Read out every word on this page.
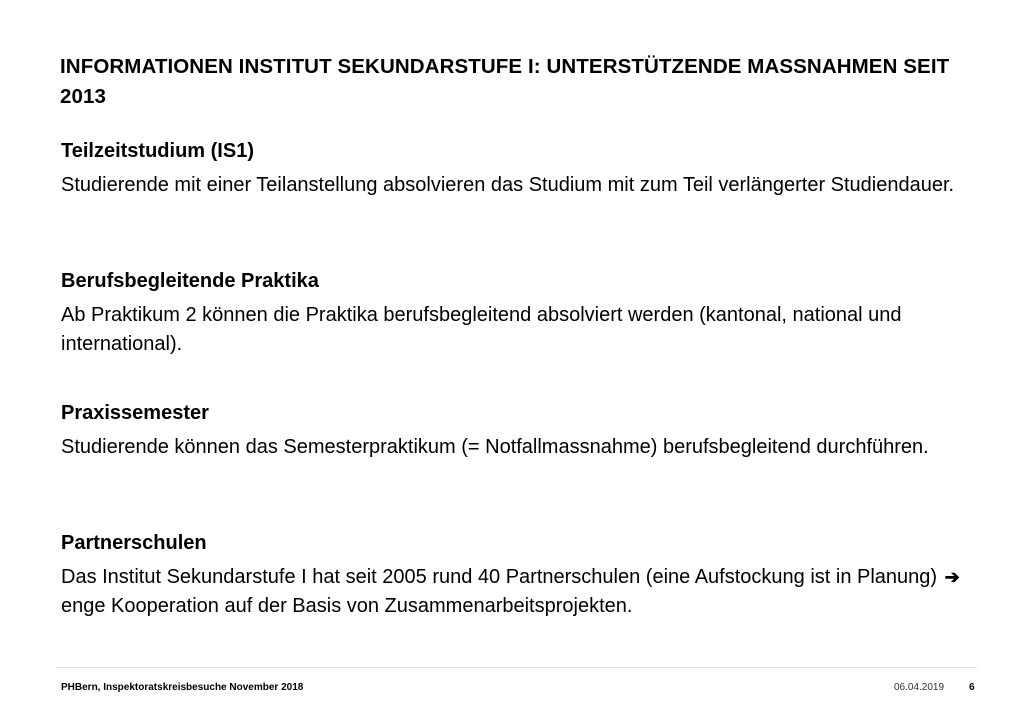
INFORMATIONEN INSTITUT SEKUNDARSTUFE I: UNTERSTÜTZENDE MASSNAHMEN SEIT 2013

Teilzeitstudium (IS1)

Studierende mit einer Teilanstellung absolvieren das Studium mit zum Teil verlängerter Studiendauer.

Berufsbegleitende Praktika

Ab Praktikum 2 können die Praktika berufsbegleitend absolviert werden (kantonal, national und international).

Praxissemester

Studierende können das Semesterpraktikum (= Notfallmassnahme) berufsbegleitend durchführen.

Partnerschulen

Das Institut Sekundarstufe I hat seit 2005 rund 40 Partnerschulen (eine Aufstockung ist in Planung) ➔ enge Kooperation auf der Basis von Zusammenarbeitsprojekten.

PHBern, Inspektoratskreisbesuche November 2018	06.04.2019 6
